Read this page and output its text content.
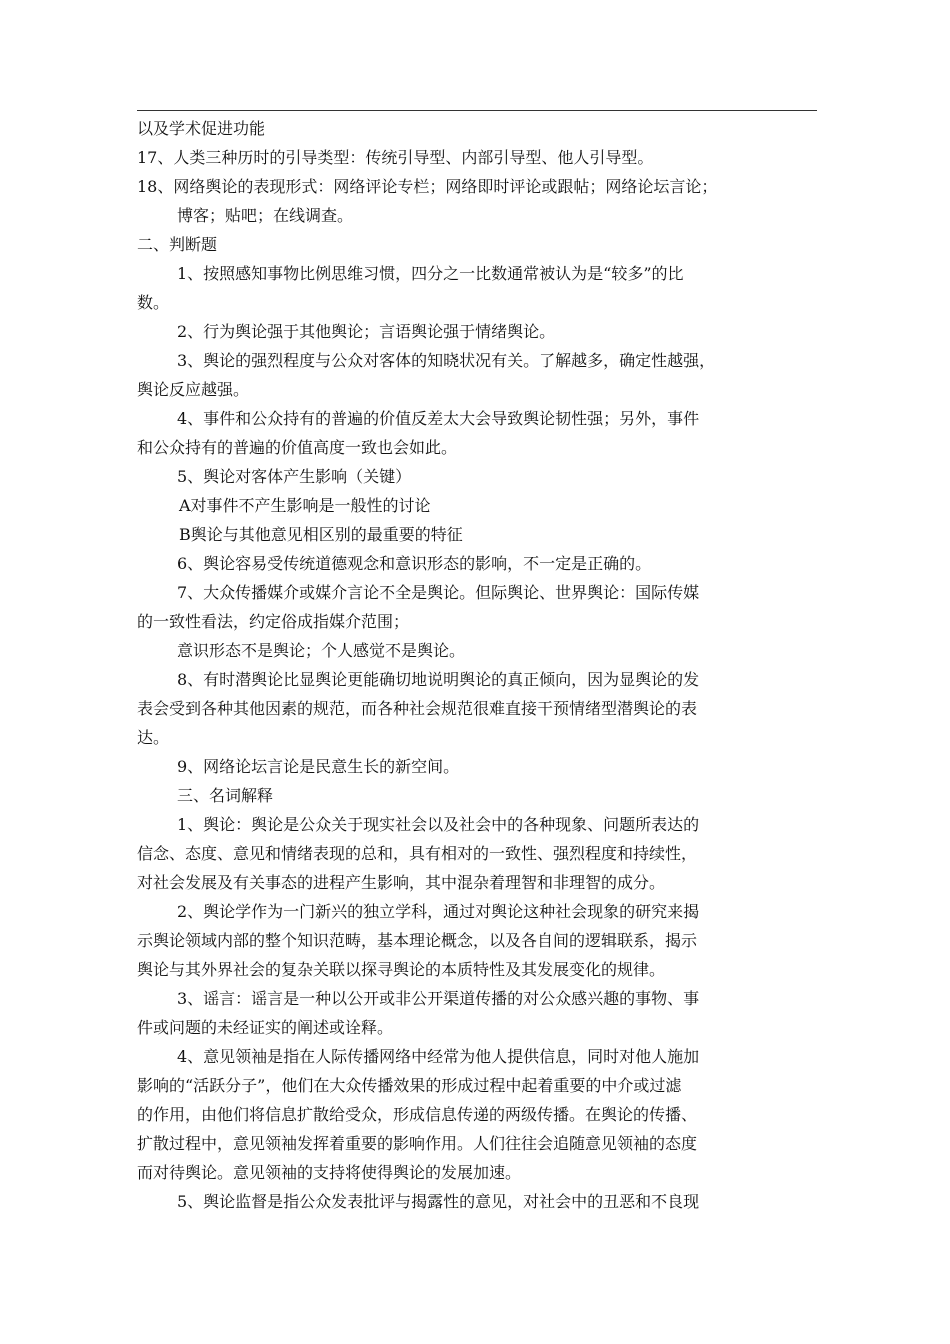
以及学术促进功能
17、人类三种历时的引导类型：传统引导型、内部引导型、他人引导型。
18、网络舆论的表现形式：网络评论专栏；网络即时评论或跟帖；网络论坛言论；
博客；贴吧；在线调查。
二、判断题
1、按照感知事物比例思维习惯，四分之一比数通常被认为是“较多”的比
数。
2、行为舆论强于其他舆论；言语舆论强于情绪舆论。
3、舆论的强烈程度与公众对客体的知晓状况有关。了解越多，确定性越强，
舆论反应越强。
4、事件和公众持有的普遍的价值反差太大会导致舆论韧性强；另外，事件
和公众持有的普遍的价值高度一致也会如此。
5、舆论对客体产生影响（关键）
A对事件不产生影响是一般性的讨论
B舆论与其他意见相区别的最重要的特征
6、舆论容易受传统道德观念和意识形态的影响，不一定是正确的。
7、大众传播媒介或媒介言论不全是舆论。但际舆论、世界舆论：国际传媒
的一致性看法，约定俗成指媒介范围；
意识形态不是舆论；个人感觉不是舆论。
8、有时潜舆论比显舆论更能确切地说明舆论的真正倾向，因为显舆论的发
表会受到各种其他因素的规范，而各种社会规范很难直接干预情绪型潜舆论的表
达。
9、网络论坛言论是民意生长的新空间。
三、名词解释
1、舆论：舆论是公众关于现实社会以及社会中的各种现象、问题所表达的
信念、态度、意见和情绪表现的总和，具有相对的一致性、强烈程度和持续性，
对社会发展及有关事态的进程产生影响，其中混杂着理智和非理智的成分。
2、舆论学作为一门新兴的独立学科，通过对舆论这种社会现象的研究来揭
示舆论领域内部的整个知识范畴，基本理论概念，以及各自间的逻辑联系，揭示
舆论与其外界社会的复杂关联以探寻舆论的本质特性及其发展变化的规律。
3、谣言：谣言是一种以公开或非公开渠道传播的对公众感兴趣的事物、事
件或问题的未经证实的阐述或诠释。
4、意见领袖是指在人际传播网络中经常为他人提供信息，同时对他人施加
影响的“活跃分子”，他们在大众传播效果的形成过程中起着重要的中介或过滤
的作用，由他们将信息扩散给受众，形成信息传递的两级传播。在舆论的传播、
扩散过程中，意见领袖发挥着重要的影响作用。人们往往会追随意见领袖的态度
而对待舆论。意见领袖的支持将使得舆论的发展加速。
5、舆论监督是指公众发表批评与揭露性的意见，对社会中的丑恶和不良现
